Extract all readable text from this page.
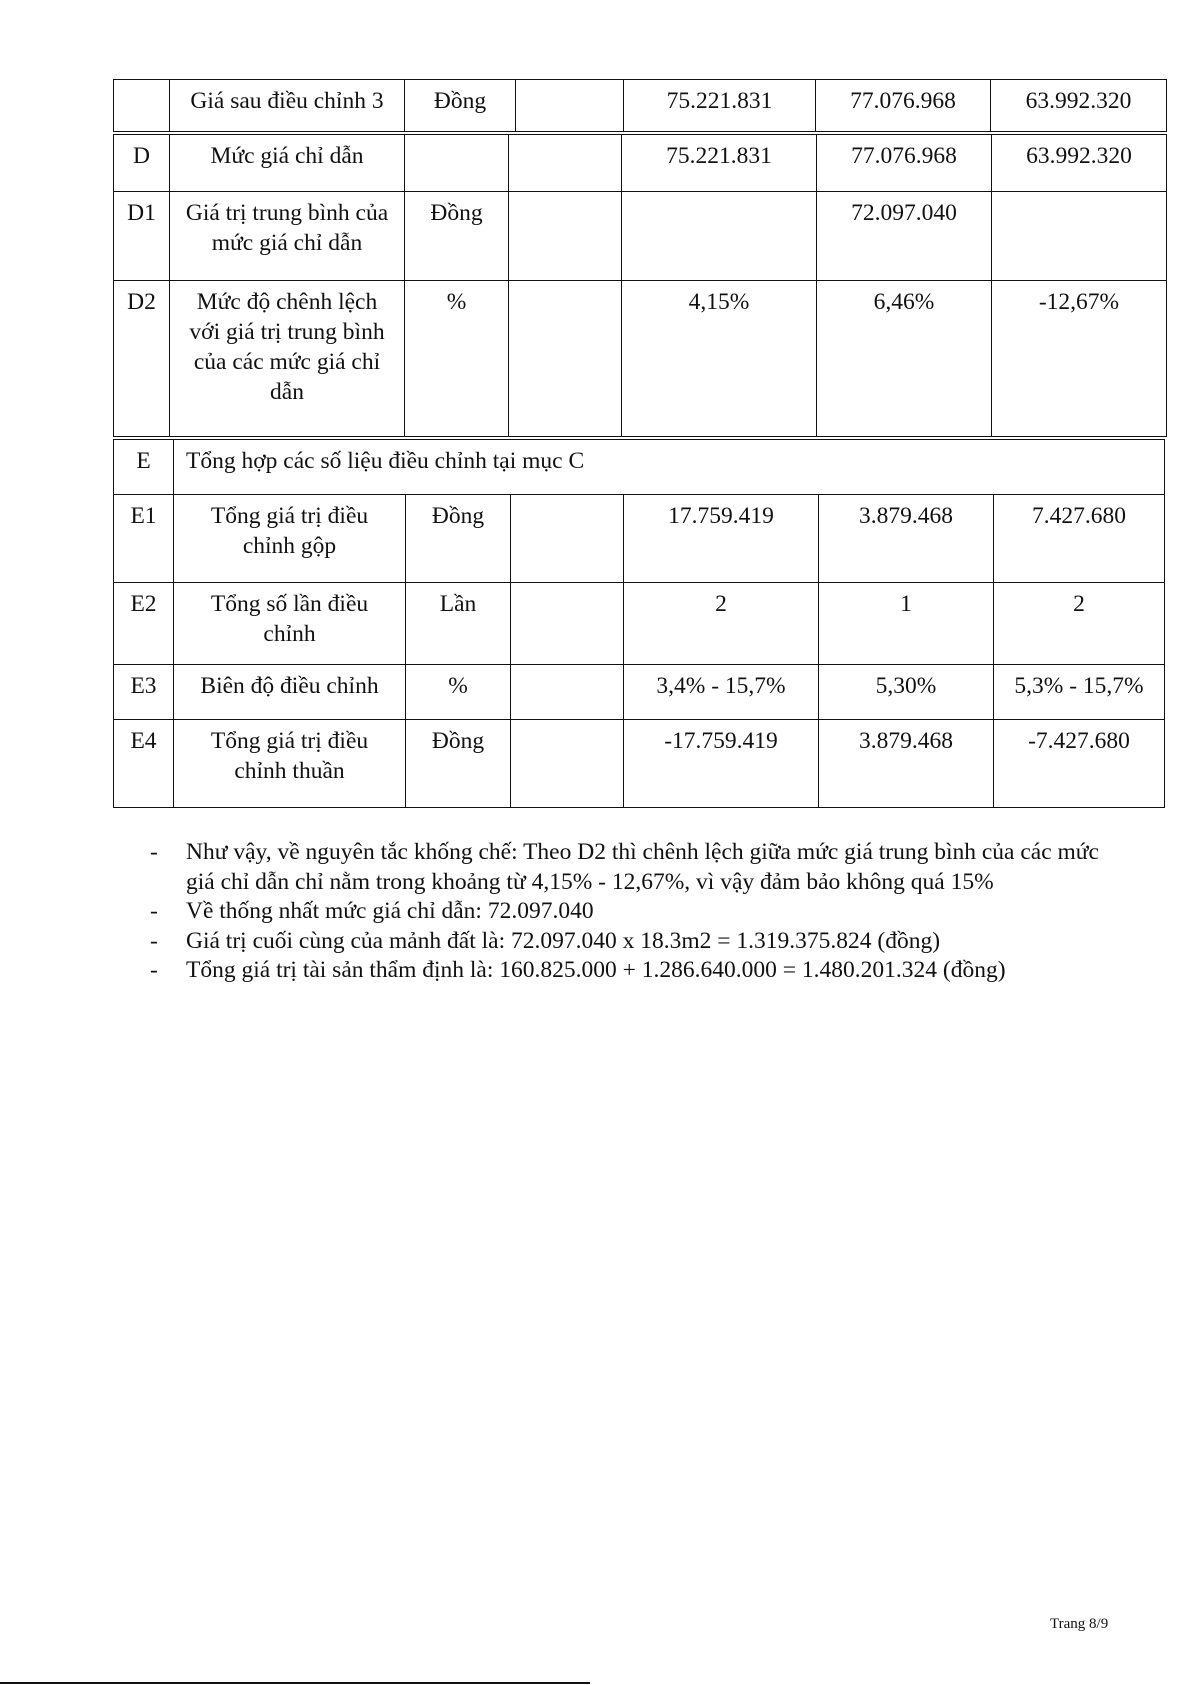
	Giá sau điều chỉnh 3	Đồng		75.221.831	77.076.968	63.992.320
D	Mức giá chỉ dẫn			75.221.831	77.076.968	63.992.320
D1	Giá trị trung bình của mức giá chỉ dẫn	Đồng			72.097.040	
D2	Mức độ chênh lệch với giá trị trung bình của các mức giá chỉ dẫn	%		4,15%	6,46%	-12,67%
E	Tổng hợp các số liệu điều chỉnh tại mục C					
E1	Tổng giá trị điều chỉnh gộp	Đồng		17.759.419	3.879.468	7.427.680
E2	Tổng số lần điều chỉnh	Lần		2	1	2
E3	Biên độ điều chỉnh	%		3,4% - 15,7%	5,30%	5,3% - 15,7%
E4	Tổng giá trị điều chỉnh thuần	Đồng		-17.759.419	3.879.468	-7.427.680
- Như vậy, về nguyên tắc khống chế: Theo D2 thì chênh lệch giữa mức giá trung bình của các mức giá chỉ dẫn chỉ nằm trong khoảng từ 4,15% - 12,67%, vì vậy đảm bảo không quá 15%
- Về thống nhất mức giá chỉ dẫn: 72.097.040
- Giá trị cuối cùng của mảnh đất là: 72.097.040 x 18.3m2 = 1.319.375.824 (đồng)
- Tổng giá trị tài sản thẩm định là: 160.825.000 + 1.286.640.000 = 1.480.201.324 (đồng)
Trang 8/9
